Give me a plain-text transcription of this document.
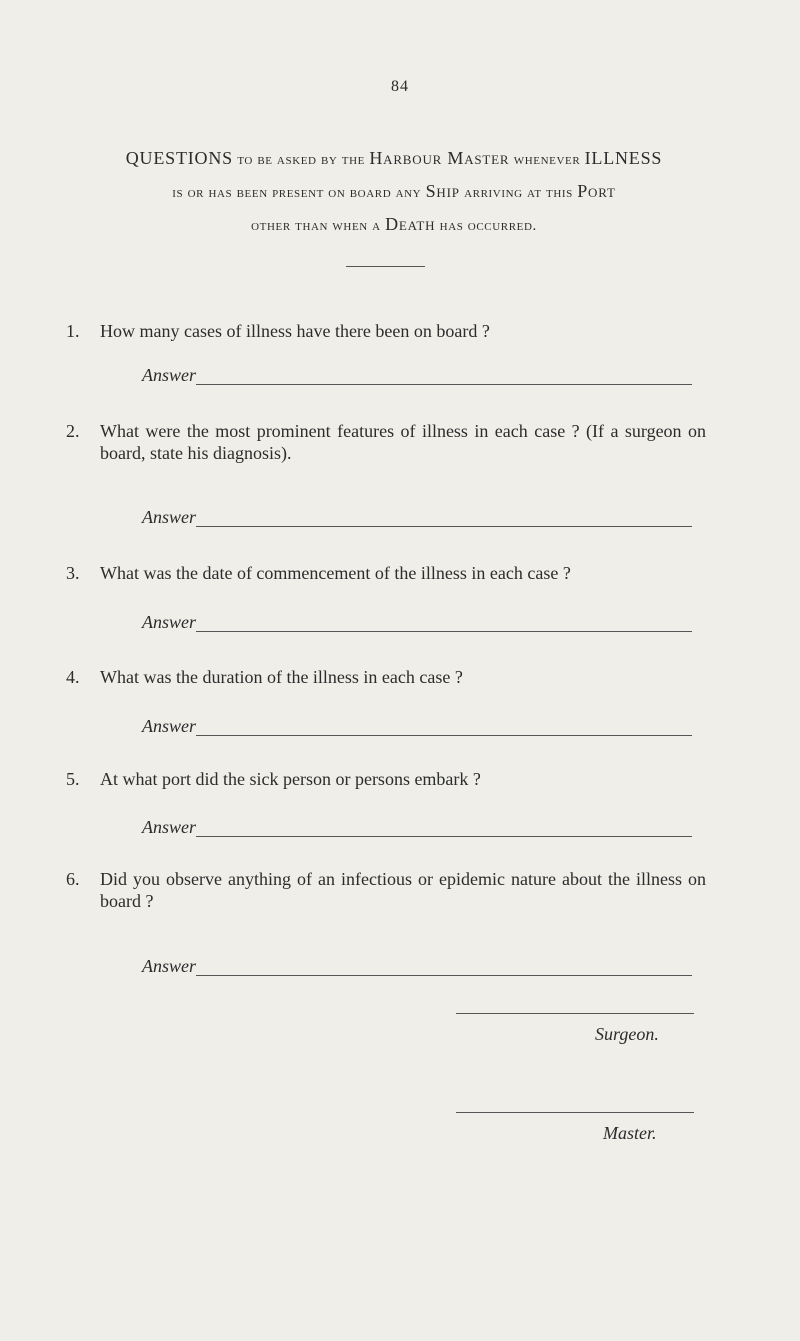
84
QUESTIONS to be asked by the Harbour Master whenever ILLNESS
is or has been present on board any Ship arriving at this Port
other than when a Death has occurred.
1.	How many cases of illness have there been on board ?
Answer
2.	What were the most prominent features of illness in each case ? (If a surgeon on board, state his diagnosis).
Answer
3.	What was the date of commencement of the illness in each case ?
Answer
4.	What was the duration of the illness in each case ?
Answer
5.	At what port did the sick person or persons embark ?
Answer
6.	Did you observe anything of an infectious or epidemic nature about the illness on board ?
Answer
Surgeon.
Master.
